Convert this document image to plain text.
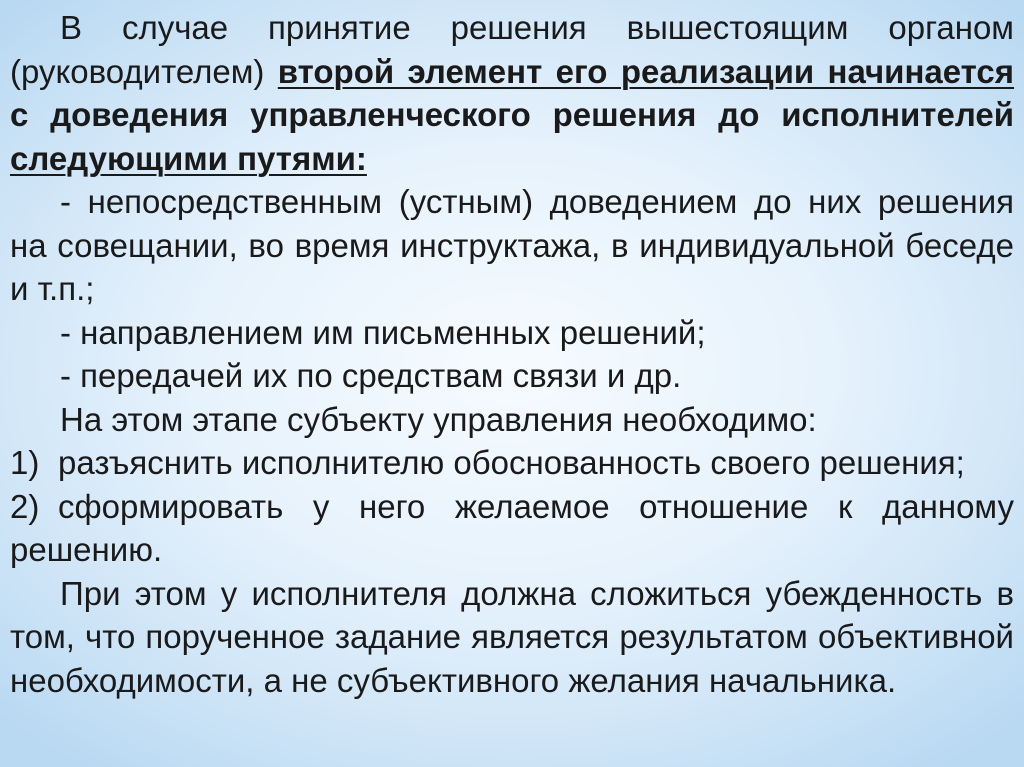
В случае принятие решения вышестоящим органом (руководителем) второй элемент его реализации начинается с доведения управленческого решения до исполнителей следующими путями:

- непосредственным (устным) доведением до них решения на совещании, во время инструктажа, в индивидуальной беседе и т.п.;

- направлением им письменных решений;

- передачей их по средствам связи и др.

На этом этапе субъекту управления необходимо:

1) разъяснить исполнителю обоснованность своего решения;

2) сформировать у него желаемое отношение к данному решению.

При этом у исполнителя должна сложиться убежденность в том, что порученное задание является результатом объективной необходимости, а не субъективного желания начальника.
